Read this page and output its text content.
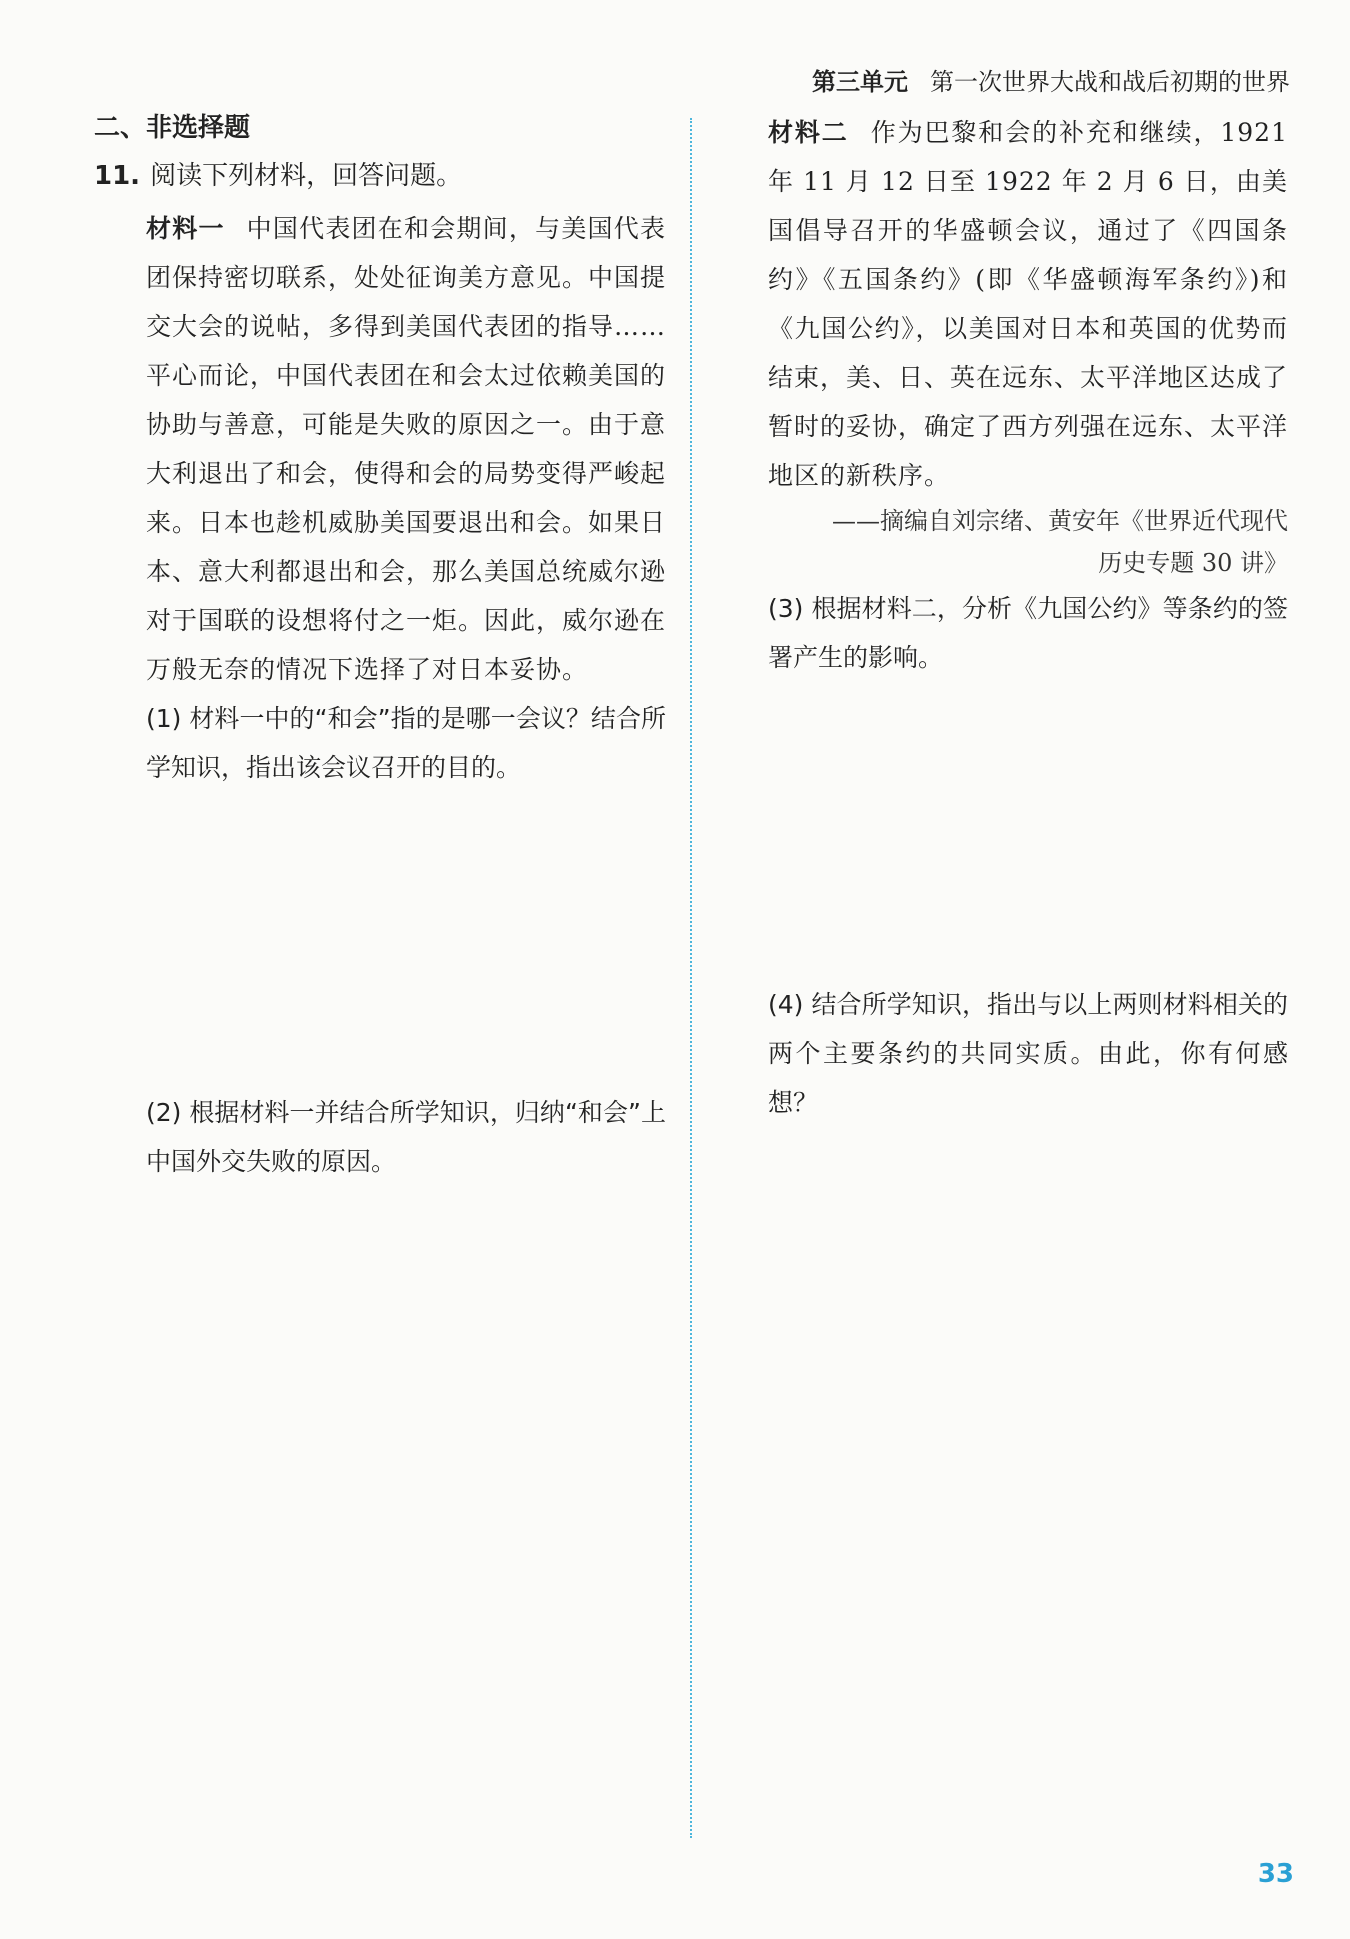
第三单元 第一次世界大战和战后初期的世界
二、非选择题
11. 阅读下列材料，回答问题。
材料一 中国代表团在和会期间，与美国代表团保持密切联系，处处征询美方意见。中国提交大会的说帖，多得到美国代表团的指导……平心而论，中国代表团在和会太过依赖美国的协助与善意，可能是失败的原因之一。由于意大利退出了和会，使得和会的局势变得严峻起来。日本也趁机威胁美国要退出和会。如果日本、意大利都退出和会，那么美国总统威尔逊对于国联的设想将付之一炬。因此，威尔逊在万般无奈的情况下选择了对日本妥协。
(1) 材料一中的“和会”指的是哪一会议？结合所学知识，指出该会议召开的目的。
(2) 根据材料一并结合所学知识，归纳“和会”上中国外交失败的原因。
材料二 作为巴黎和会的补充和继续，1921 年 11 月 12 日至 1922 年 2 月 6 日，由美国倡导召开的华盛顿会议，通过了《四国条约》《五国条约》(即《华盛顿海军条约》)和《九国公约》，以美国对日本和英国的优势而结束，美、日、英在远东、太平洋地区达成了暂时的妥协，确定了西方列强在远东、太平洋地区的新秩序。
——摘编自刘宗绪、黄安年《世界近代现代
历史专题 30 讲》
(3) 根据材料二，分析《九国公约》等条约的签署产生的影响。
(4) 结合所学知识，指出与以上两则材料相关的两个主要条约的共同实质。由此，你有何感想？
33
